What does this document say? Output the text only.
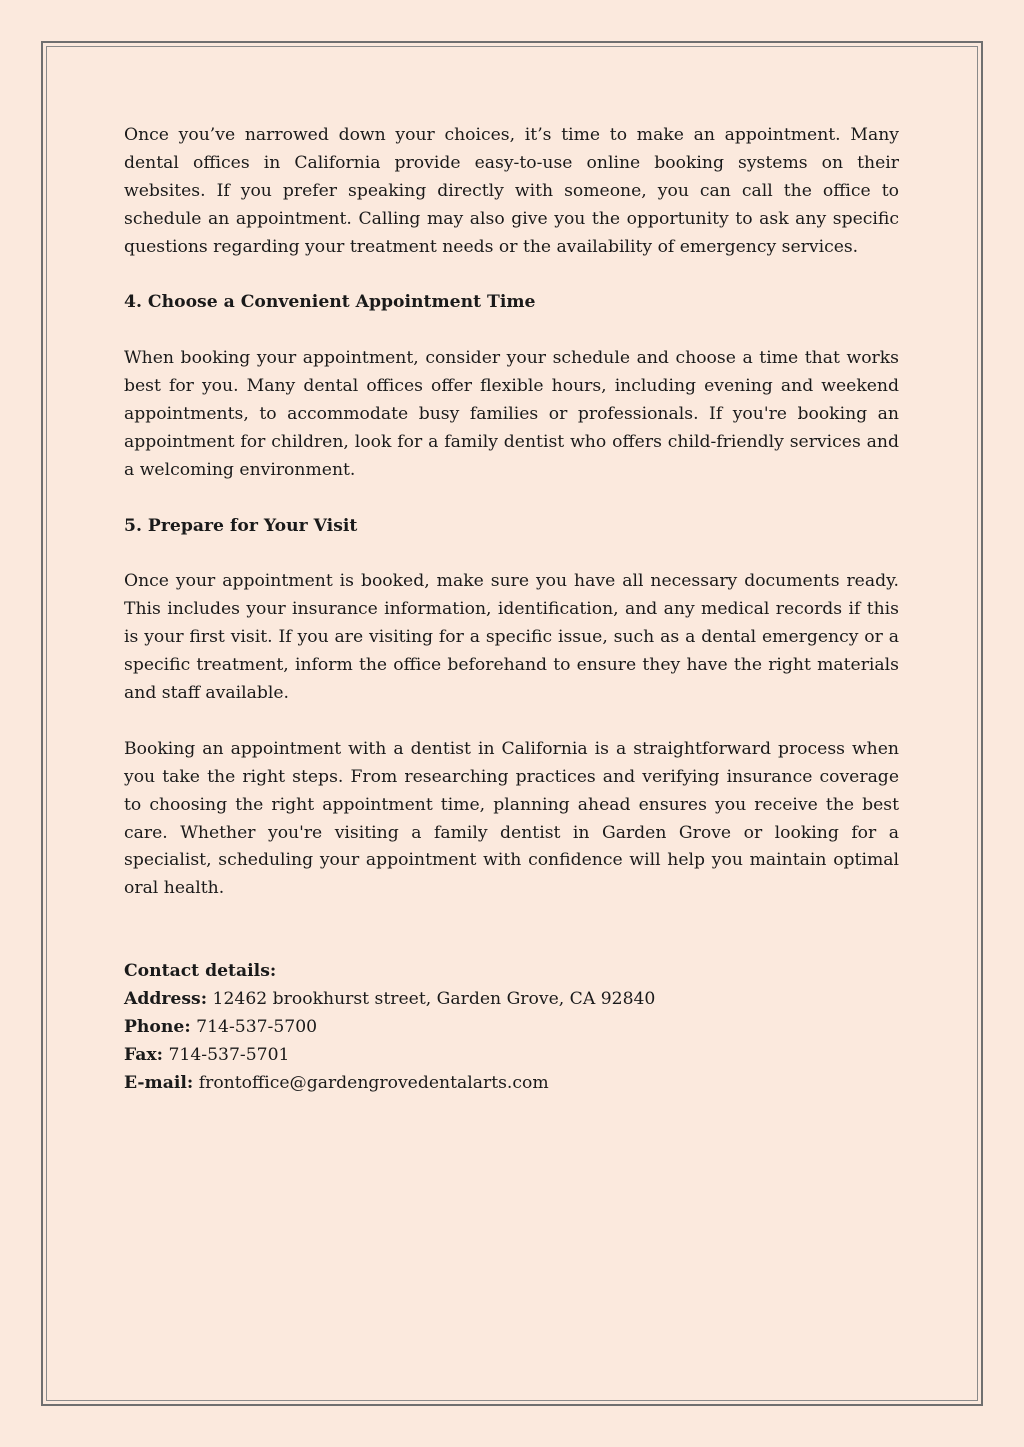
Once you’ve narrowed down your choices, it’s time to make an appointment. Many dental offices in California provide easy-to-use online booking systems on their websites. If you prefer speaking directly with someone, you can call the office to schedule an appointment. Calling may also give you the opportunity to ask any specific questions regarding your treatment needs or the availability of emergency services.

4. Choose a Convenient Appointment Time

When booking your appointment, consider your schedule and choose a time that works best for you. Many dental offices offer flexible hours, including evening and weekend appointments, to accommodate busy families or professionals. If you're booking an appointment for children, look for a family dentist who offers child-friendly services and a welcoming environment.

5. Prepare for Your Visit

Once your appointment is booked, make sure you have all necessary documents ready. This includes your insurance information, identification, and any medical records if this is your first visit. If you are visiting for a specific issue, such as a dental emergency or a specific treatment, inform the office beforehand to ensure they have the right materials and staff available.

Booking an appointment with a dentist in California is a straightforward process when you take the right steps. From researching practices and verifying insurance coverage to choosing the right appointment time, planning ahead ensures you receive the best care. Whether you're visiting a family dentist in Garden Grove or looking for a specialist, scheduling your appointment with confidence will help you maintain optimal oral health.

Contact details:
Address: 12462 brookhurst street, Garden Grove, CA 92840
Phone: 714-537-5700
Fax: 714-537-5701
E-mail: frontoffice@gardengrovedentalarts.com
